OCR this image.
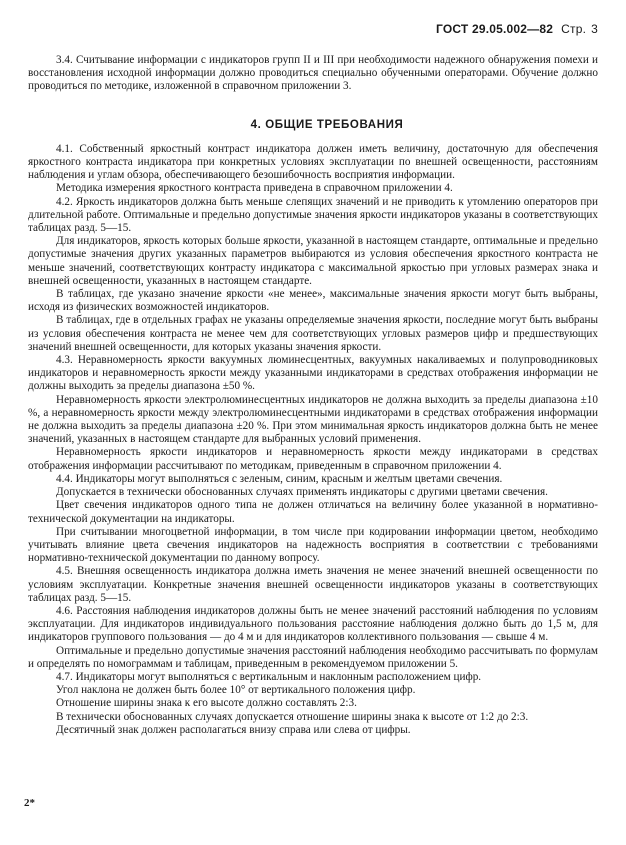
ГОСТ 29.05.002—82 Стр. 3

3.4. Считывание информации с индикаторов групп II и III при необходимости надежного обнаружения помехи и восстановления исходной информации должно проводиться специально обученными операторами. Обучение должно проводиться по методике, изложенной в справочном приложении 3.

4. ОБЩИЕ ТРЕБОВАНИЯ

4.1. Собственный яркостный контраст индикатора должен иметь величину, достаточную для обеспечения яркостного контраста индикатора при конкретных условиях эксплуатации по внешней освещенности, расстояниям наблюдения и углам обзора, обеспечивающего безошибочность восприятия информации.

Методика измерения яркостного контраста приведена в справочном приложении 4.

4.2. Яркость индикаторов должна быть меньше слепящих значений и не приводить к утомлению операторов при длительной работе. Оптимальные и предельно допустимые значения яркости индикаторов указаны в соответствующих таблицах разд. 5—15.

Для индикаторов, яркость которых больше яркости, указанной в настоящем стандарте, оптимальные и предельно допустимые значения других указанных параметров выбираются из условия обеспечения яркостного контраста не меньше значений, соответствующих контрасту индикатора с максимальной яркостью при угловых размерах знака и внешней освещенности, указанных в настоящем стандарте.

В таблицах, где указано значение яркости «не менее», максимальные значения яркости могут быть выбраны, исходя из физических возможностей индикаторов.

В таблицах, где в отдельных графах не указаны определяемые значения яркости, последние могут быть выбраны из условия обеспечения контраста не менее чем для соответствующих угловых размеров цифр и предшествующих значений внешней освещенности, для которых указаны значения яркости.

4.3. Неравномерность яркости вакуумных люминесцентных, вакуумных накаливаемых и полупроводниковых индикаторов и неравномерность яркости между указанными индикаторами в средствах отображения информации не должны выходить за пределы диапазона ±50 %.

Неравномерность яркости электролюминесцентных индикаторов не должна выходить за пределы диапазона ±10 %, а неравномерность яркости между электролюминесцентными индикаторами в средствах отображения информации не должна выходить за пределы диапазона ±20 %. При этом минимальная яркость индикаторов должна быть не менее значений, указанных в настоящем стандарте для выбранных условий применения.

Неравномерность яркости индикаторов и неравномерность яркости между индикаторами в средствах отображения информации рассчитывают по методикам, приведенным в справочном приложении 4.

4.4. Индикаторы могут выполняться с зеленым, синим, красным и желтым цветами свечения.

Допускается в технически обоснованных случаях применять индикаторы с другими цветами свечения.

Цвет свечения индикаторов одного типа не должен отличаться на величину более указанной в нормативно-технической документации на индикаторы.

При считывании многоцветной информации, в том числе при кодировании информации цветом, необходимо учитывать влияние цвета свечения индикаторов на надежность восприятия в соответствии с требованиями нормативно-технической документации по данному вопросу.

4.5. Внешняя освещенность индикатора должна иметь значения не менее значений внешней освещенности по условиям эксплуатации. Конкретные значения внешней освещенности индикаторов указаны в соответствующих таблицах разд. 5—15.

4.6. Расстояния наблюдения индикаторов должны быть не менее значений расстояний наблюдения по условиям эксплуатации. Для индикаторов индивидуального пользования расстояние наблюдения должно быть до 1,5 м, для индикаторов группового пользования — до 4 м и для индикаторов коллективного пользования — свыше 4 м.

Оптимальные и предельно допустимые значения расстояний наблюдения необходимо рассчитывать по формулам и определять по номограммам и таблицам, приведенным в рекомендуемом приложении 5.

4.7. Индикаторы могут выполняться с вертикальным и наклонным расположением цифр.

Угол наклона не должен быть более 10° от вертикального положения цифр.

Отношение ширины знака к его высоте должно составлять 2:3.

В технически обоснованных случаях допускается отношение ширины знака к высоте от 1:2 до 2:3.

Десятичный знак должен располагаться внизу справа или слева от цифры.

2*
